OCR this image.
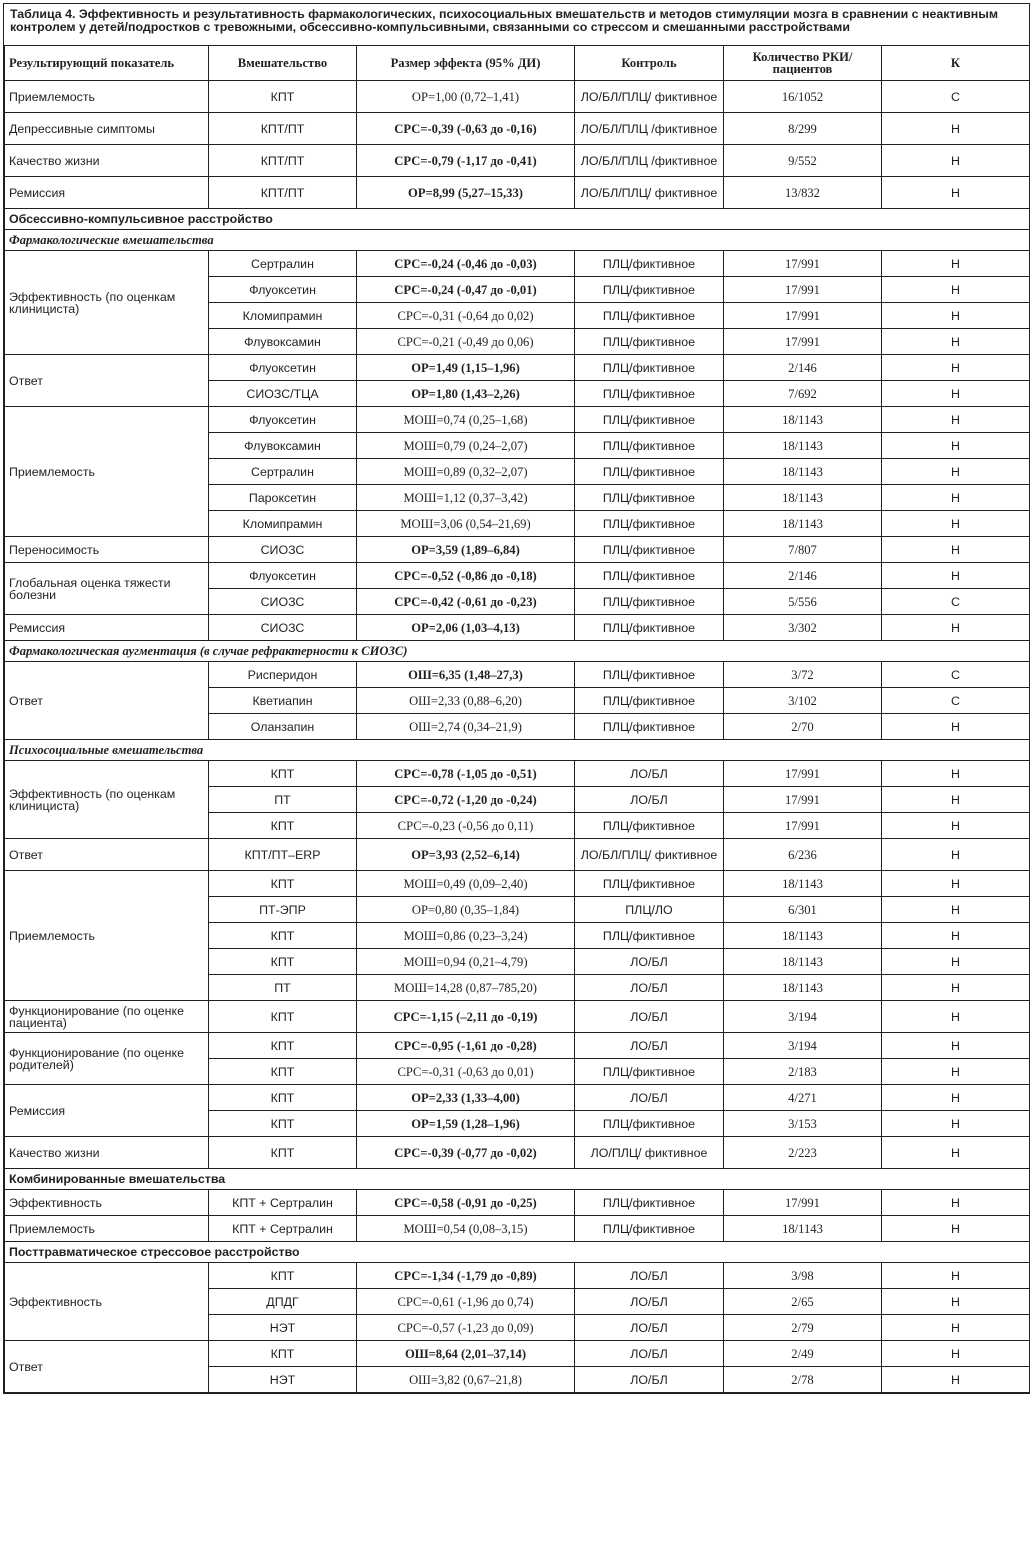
Таблица 4. Эффективность и результативность фармакологических, психосоциальных вмешательств и методов стимуляции мозга в сравнении с неактивным контролем у детей/подростков с тревожными, обсессивно-компульсивными, связанными со стрессом и смешанными расстройствами
Результирующий показатель	Вмешательство	Размер эффекта (95% ДИ)	Контроль	Количество РКИ/пациентов	К
Приемлемость	КПТ	ОР=1,00 (0,72–1,41)	ЛО/БЛ/ПЛЦ/ фиктивное	16/1052	С
Депрессивные симптомы	КПТ/ПТ	СРС=-0,39 (-0,63 до -0,16)	ЛО/БЛ/ПЛЦ /фиктивное	8/299	Н
Качество жизни	КПТ/ПТ	СРС=-0,79 (-1,17 до -0,41)	ЛО/БЛ/ПЛЦ /фиктивное	9/552	Н
Ремиссия	КПТ/ПТ	ОР=8,99 (5,27–15,33)	ЛО/БЛ/ПЛЦ/ фиктивное	13/832	Н
Обсессивно-компульсивное расстройство					
Фармакологические вмешательства					
Эффективность (по оценкам клинициста)	Сертралин	СРС=-0,24 (-0,46 до -0,03)	ПЛЦ/фиктивное	17/991	Н
	Флуоксетин	СРС=-0,24 (-0,47 до -0,01)	ПЛЦ/фиктивное	17/991	Н
	Кломипрамин	СРС=-0,31 (-0,64 до 0,02)	ПЛЦ/фиктивное	17/991	Н
	Флувоксамин	СРС=-0,21 (-0,49 до 0,06)	ПЛЦ/фиктивное	17/991	Н
Ответ	Флуоксетин	ОР=1,49 (1,15–1,96)	ПЛЦ/фиктивное	2/146	Н
	СИОЗС/ТЦА	ОР=1,80 (1,43–2,26)	ПЛЦ/фиктивное	7/692	Н
Приемлемость	Флуоксетин	МОШ=0,74 (0,25–1,68)	ПЛЦ/фиктивное	18/1143	Н
	Флувоксамин	МОШ=0,79 (0,24–2,07)	ПЛЦ/фиктивное	18/1143	Н
	Сертралин	МОШ=0,89 (0,32–2,07)	ПЛЦ/фиктивное	18/1143	Н
	Пароксетин	МОШ=1,12 (0,37–3,42)	ПЛЦ/фиктивное	18/1143	Н
	Кломипрамин	МОШ=3,06 (0,54–21,69)	ПЛЦ/фиктивное	18/1143	Н
Переносимость	СИОЗС	ОР=3,59 (1,89–6,84)	ПЛЦ/фиктивное	7/807	Н
Глобальная оценка тяжести болезни	Флуоксетин	СРС=-0,52 (-0,86 до -0,18)	ПЛЦ/фиктивное	2/146	Н
	СИОЗС	СРС=-0,42 (-0,61 до -0,23)	ПЛЦ/фиктивное	5/556	С
Ремиссия	СИОЗС	ОР=2,06 (1,03–4,13)	ПЛЦ/фиктивное	3/302	Н
Фармакологическая аугментация (в случае рефрактерности к СИОЗС)					
Ответ	Рисперидон	ОШ=6,35 (1,48–27,3)	ПЛЦ/фиктивное	3/72	С
	Кветиапин	ОШ=2,33 (0,88–6,20)	ПЛЦ/фиктивное	3/102	С
	Оланзапин	ОШ=2,74 (0,34–21,9)	ПЛЦ/фиктивное	2/70	Н
Психосоциальные вмешательства					
Эффективность (по оценкам клинициста)	КПТ	СРС=-0,78 (-1,05 до -0,51)	ЛО/БЛ	17/991	Н
	ПТ	СРС=-0,72 (-1,20 до -0,24)	ЛО/БЛ	17/991	Н
	КПТ	СРС=-0,23 (-0,56 до 0,11)	ПЛЦ/фиктивное	17/991	Н
Ответ	КПТ/ПТ–ERP	ОР=3,93 (2,52–6,14)	ЛО/БЛ/ПЛЦ/ фиктивное	6/236	Н
Приемлемость	КПТ	МОШ=0,49 (0,09–2,40)	ПЛЦ/фиктивное	18/1143	Н
	ПТ-ЭПР	ОР=0,80 (0,35–1,84)	ПЛЦ/ЛО	6/301	Н
	КПТ	МОШ=0,86 (0,23–3,24)	ПЛЦ/фиктивное	18/1143	Н
	КПТ	МОШ=0,94 (0,21–4,79)	ЛО/БЛ	18/1143	Н
	ПТ	МОШ=14,28 (0,87–785,20)	ЛО/БЛ	18/1143	Н
Функционирование (по оценке пациента)	КПТ	СРС=-1,15 (–2,11 до -0,19)	ЛО/БЛ	3/194	Н
Функционирование (по оценке родителей)	КПТ	СРС=-0,95 (-1,61 до -0,28)	ЛО/БЛ	3/194	Н
	КПТ	СРС=-0,31 (-0,63 до 0,01)	ПЛЦ/фиктивное	2/183	Н
Ремиссия	КПТ	ОР=2,33 (1,33–4,00)	ЛО/БЛ	4/271	Н
	КПТ	ОР=1,59 (1,28–1,96)	ПЛЦ/фиктивное	3/153	Н
Качество жизни	КПТ	СРС=-0,39 (-0,77 до -0,02)	ЛО/ПЛЦ/ фиктивное	2/223	Н
Комбинированные вмешательства					
Эффективность	КПТ + Сертралин	СРС=-0,58 (-0,91 до -0,25)	ПЛЦ/фиктивное	17/991	Н
Приемлемость	КПТ + Сертралин	МОШ=0,54 (0,08–3,15)	ПЛЦ/фиктивное	18/1143	Н
Посттравматическое стрессовое расстройство					
Эффективность	КПТ	СРС=-1,34 (-1,79 до -0,89)	ЛО/БЛ	3/98	Н
	ДПДГ	СРС=-0,61 (-1,96 до 0,74)	ЛО/БЛ	2/65	Н
	НЭТ	СРС=-0,57 (-1,23 до 0,09)	ЛО/БЛ	2/79	Н
Ответ	КПТ	ОШ=8,64 (2,01–37,14)	ЛО/БЛ	2/49	Н
	НЭТ	ОШ=3,82 (0,67–21,8)	ЛО/БЛ	2/78	Н
